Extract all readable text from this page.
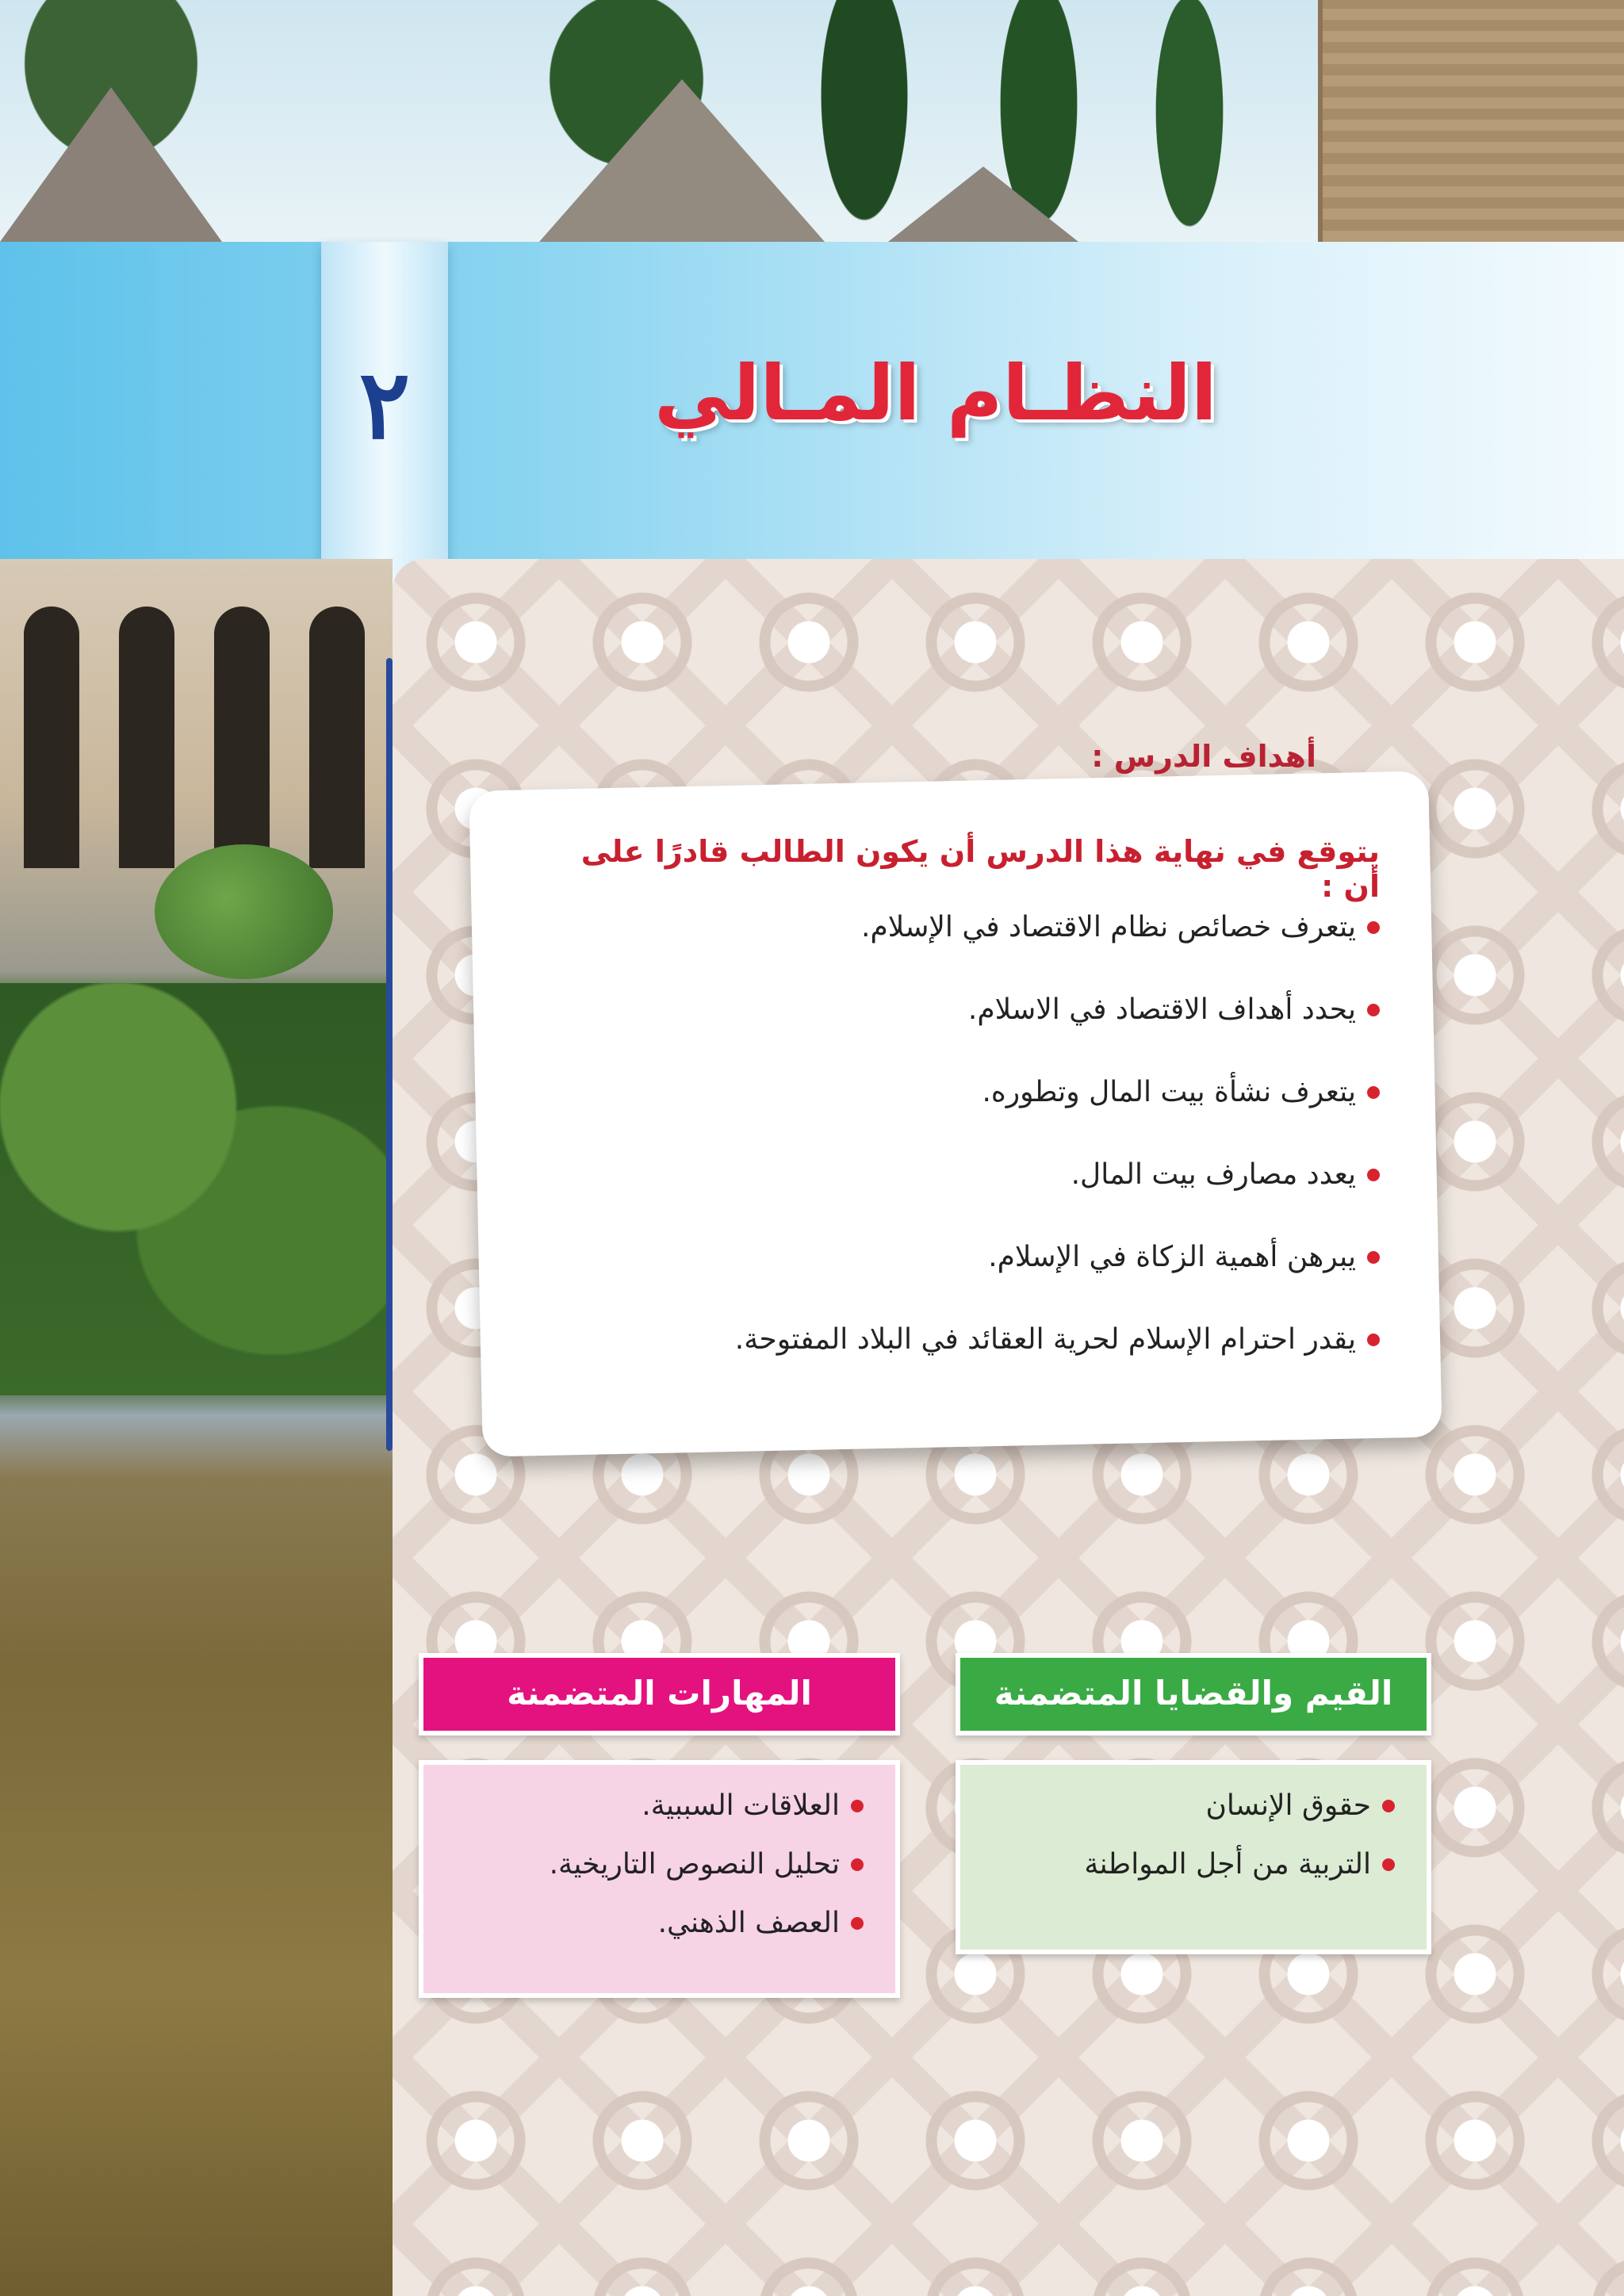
٢	النظـام المـالي
أهداف الدرس :
يتوقع في نهاية هذا الدرس أن يكون الطالب قادرًا على أن :
يتعرف خصائص نظام الاقتصاد في الإسلام.
يحدد أهداف الاقتصاد في الاسلام.
يتعرف نشأة بيت المال وتطوره.
يعدد مصارف بيت المال.
يبرهن أهمية الزكاة في الإسلام.
يقدر احترام الإسلام لحرية العقائد في البلاد المفتوحة.
القيم والقضايا المتضمنة
حقوق الإنسان
التربية من أجل المواطنة
المهارات المتضمنة
العلاقات السببية.
تحليل النصوص التاريخية.
العصف الذهني.
